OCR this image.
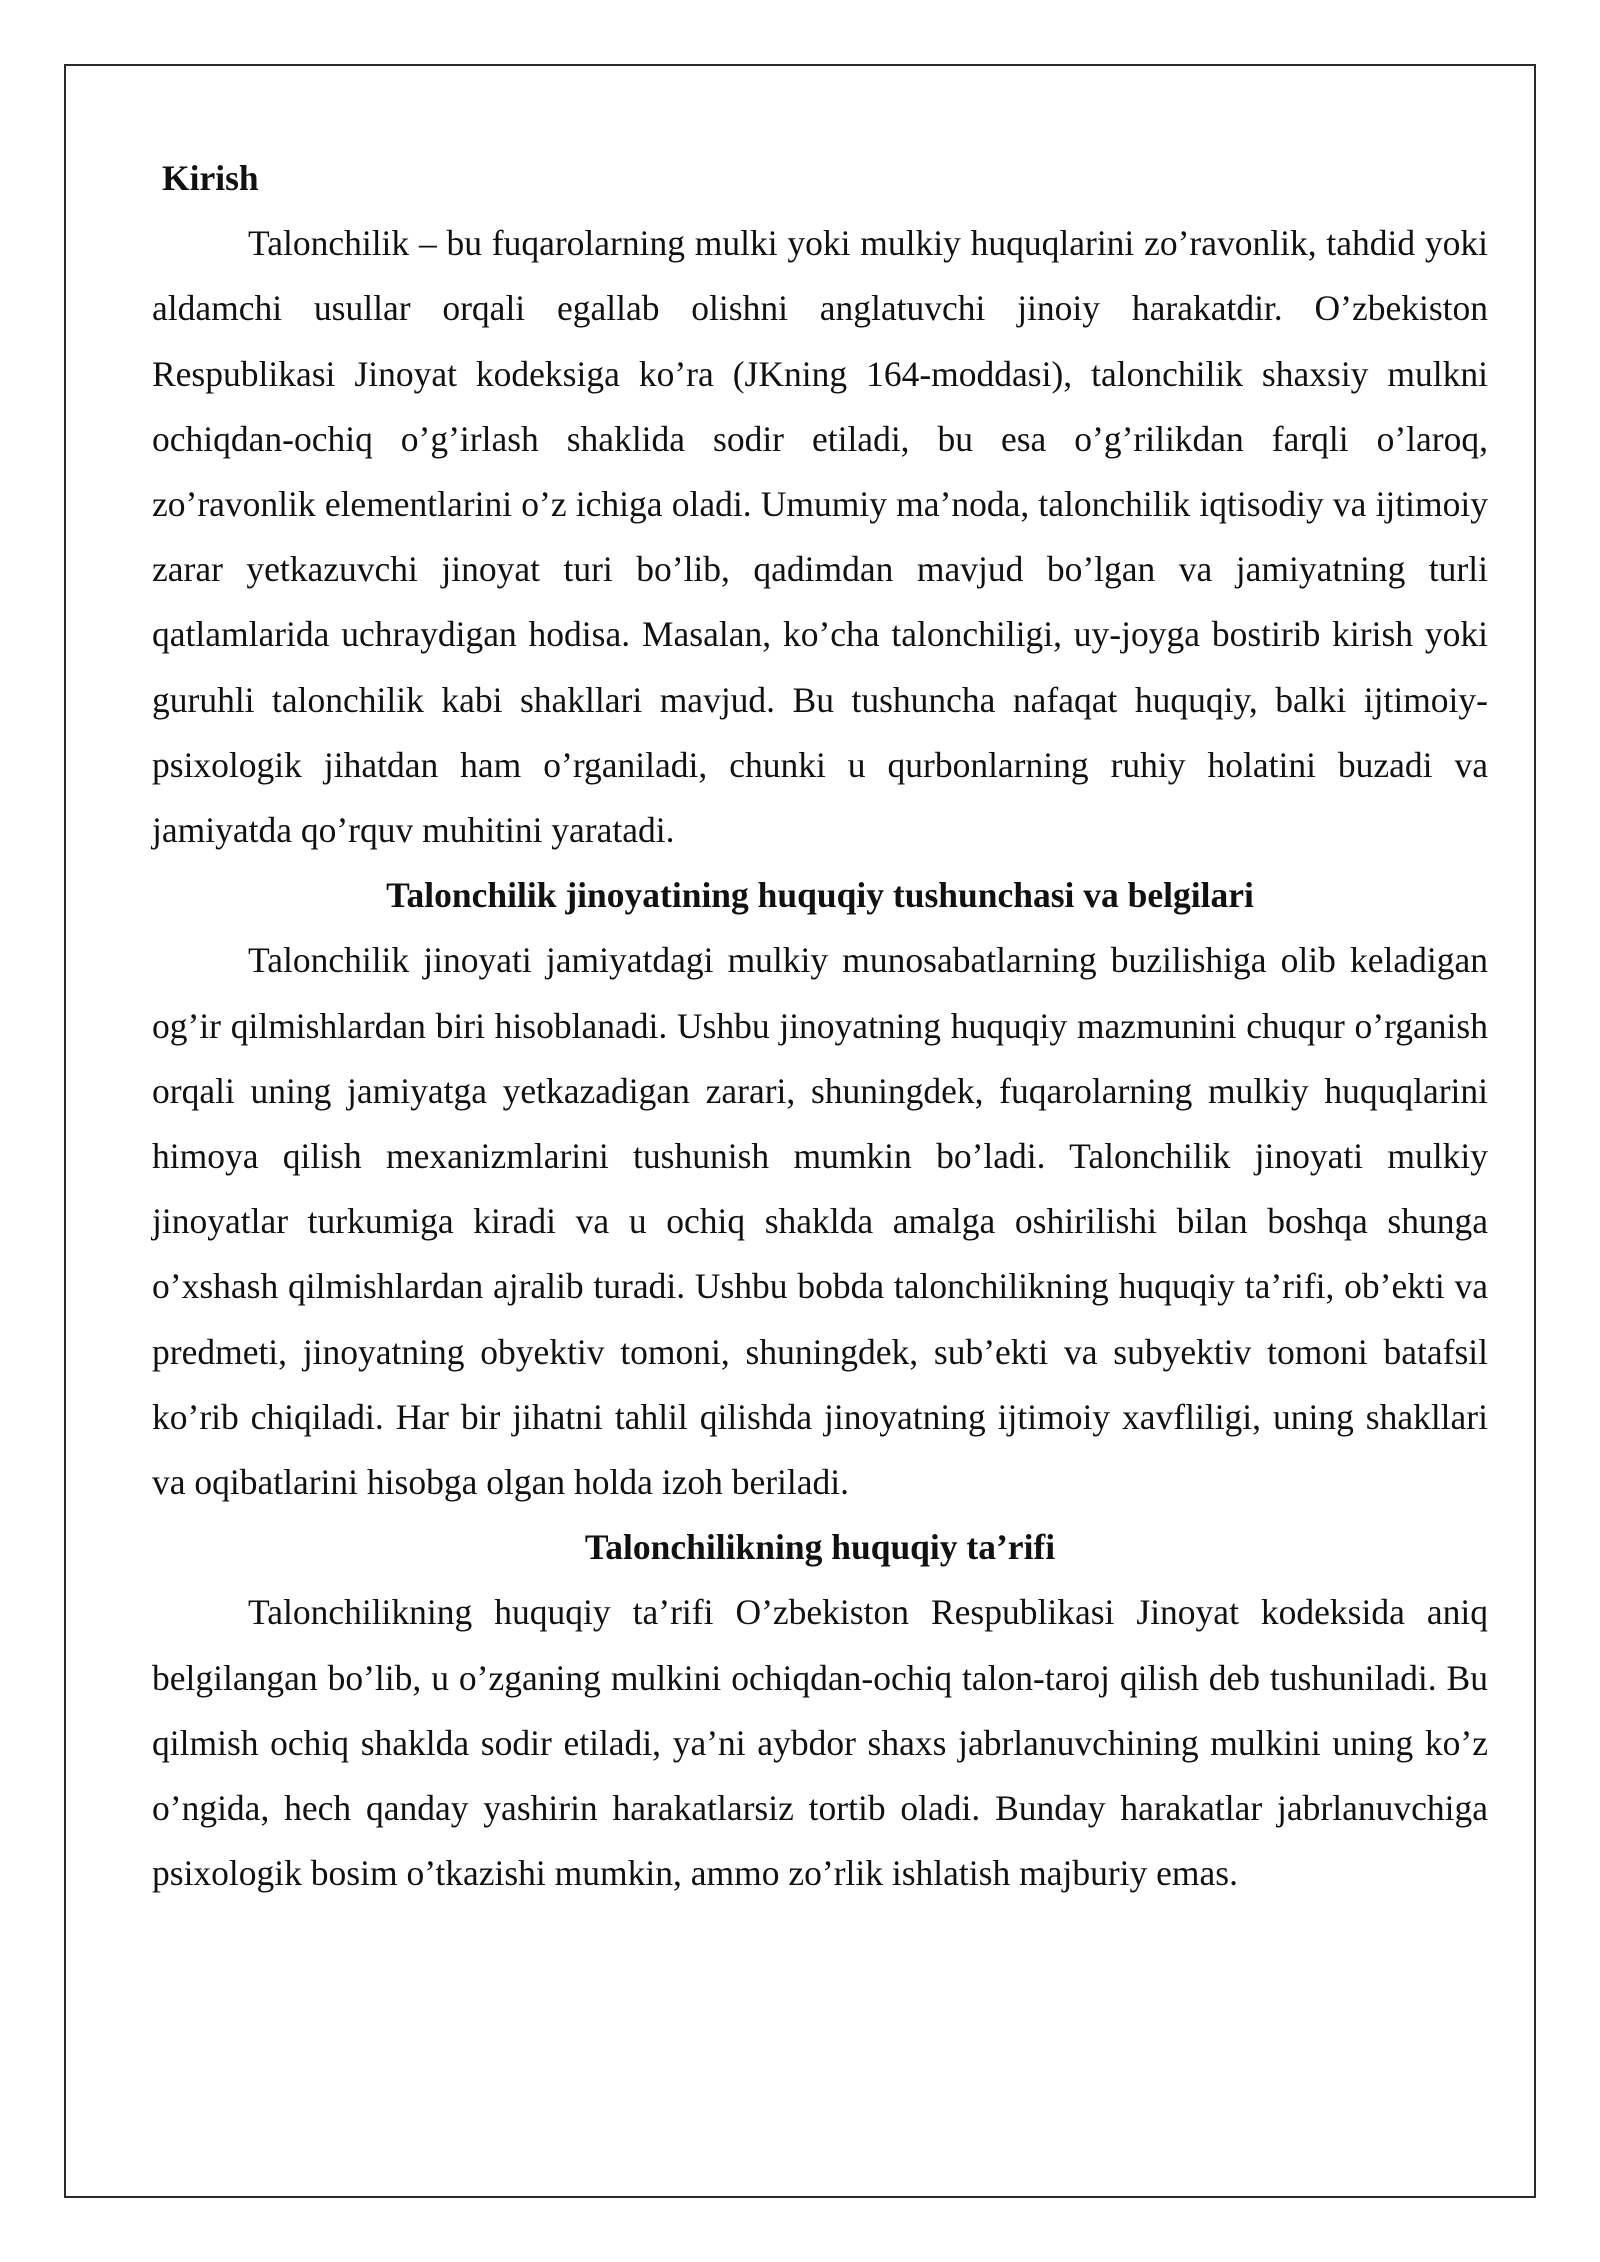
Kirish

Talonchilik – bu fuqarolarning mulki yoki mulkiy huquqlarini zo’ravonlik, tahdid yoki aldamchi usullar orqali egallab olishni anglatuvchi jinoiy harakatdir. O’zbekiston Respublikasi Jinoyat kodeksiga ko’ra (JKning 164-moddasi), talonchilik shaxsiy mulkni ochiqdan-ochiq o’g’irlash shaklida sodir etiladi, bu esa o’g’rilikdan farqli o’laroq, zo’ravonlik elementlarini o’z ichiga oladi. Umumiy ma’noda, talonchilik iqtisodiy va ijtimoiy zarar yetkazuvchi jinoyat turi bo’lib, qadimdan mavjud bo’lgan va jamiyatning turli qatlamlarida uchraydigan hodisa. Masalan, ko’cha talonchiligi, uy-joyga bostirib kirish yoki guruhli talonchilik kabi shakllari mavjud. Bu tushuncha nafaqat huquqiy, balki ijtimoiy-psixologik jihatdan ham o’rganiladi, chunki u qurbonlarning ruhiy holatini buzadi va jamiyatda qo’rquv muhitini yaratadi.

Talonchilik jinoyatining huquqiy tushunchasi va belgilari

Talonchilik jinoyati jamiyatdagi mulkiy munosabatlarning buzilishiga olib keladigan og’ir qilmishlardan biri hisoblanadi. Ushbu jinoyatning huquqiy mazmunini chuqur o’rganish orqali uning jamiyatga yetkazadigan zarari, shuningdek, fuqarolarning mulkiy huquqlarini himoya qilish mexanizmlarini tushunish mumkin bo’ladi. Talonchilik jinoyati mulkiy jinoyatlar turkumiga kiradi va u ochiq shaklda amalga oshirilishi bilan boshqa shunga o’xshash qilmishlardan ajralib turadi. Ushbu bobda talonchilikning huquqiy ta’rifi, ob’ekti va predmeti, jinoyatning obyektiv tomoni, shuningdek, sub’ekti va subyektiv tomoni batafsil ko’rib chiqiladi. Har bir jihatni tahlil qilishda jinoyatning ijtimoiy xavfliligi, uning shakllari va oqibatlarini hisobga olgan holda izoh beriladi.

Talonchilikning huquqiy ta’rifi

Talonchilikning huquqiy ta’rifi O’zbekiston Respublikasi Jinoyat kodeksida aniq belgilangan bo’lib, u o’zganing mulkini ochiqdan-ochiq talon-taroj qilish deb tushuniladi. Bu qilmish ochiq shaklda sodir etiladi, ya’ni aybdor shaxs jabrlanuvchining mulkini uning ko’z o’ngida, hech qanday yashirin harakatlarsiz tortib oladi. Bunday harakatlar jabrlanuvchiga psixologik bosim o’tkazishi mumkin, ammo zo’rlik ishlatish majburiy emas.
